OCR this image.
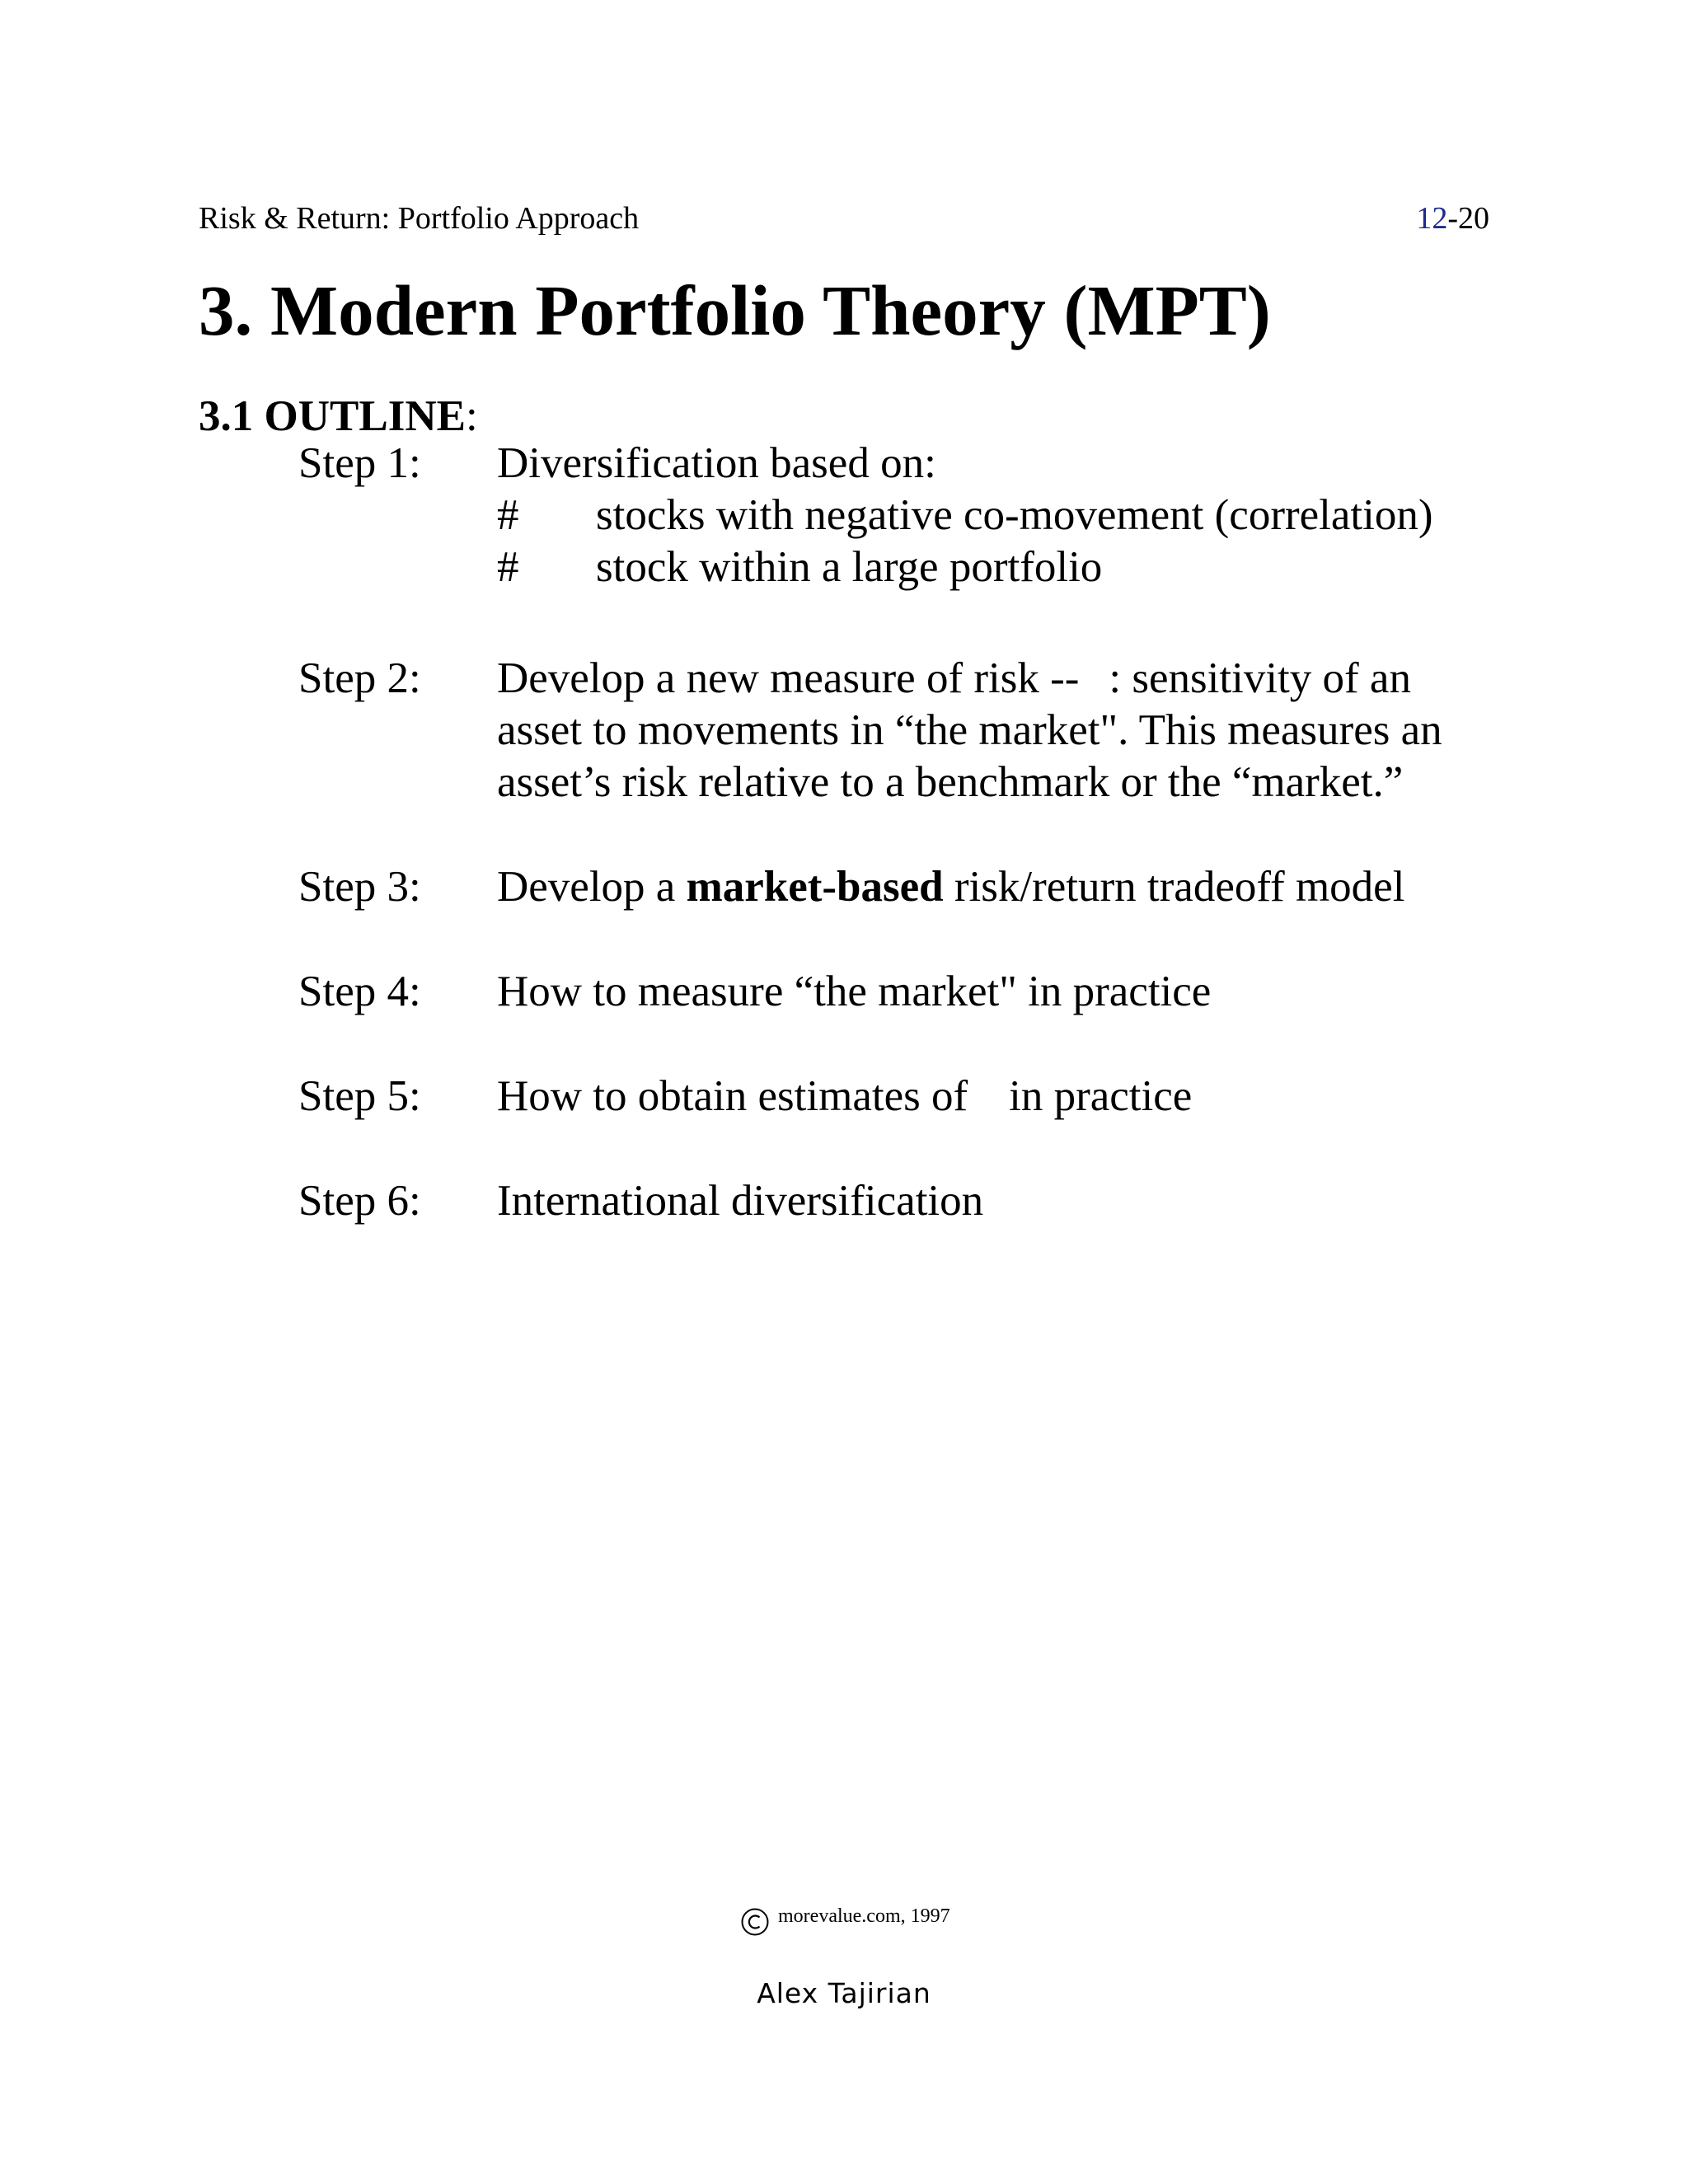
Risk & Return: Portfolio Approach	12-20
3. Modern Portfolio Theory (MPT)
3.1 OUTLINE:
Step 1: Diversification based on:
# stocks with negative co-movement (correlation)
# stock within a large portfolio
Step 2: Develop a new measure of risk -- : sensitivity of an
asset to movements in “the market". This measures an
asset’s risk relative to a benchmark or the “market.”
Step 3: Develop a market-based risk/return tradeoff model
Step 4: How to measure “the market" in practice
Step 5: How to obtain estimates of in practice
Step 6: International diversification
morevalue.com, 1997
Alex Tajirian
